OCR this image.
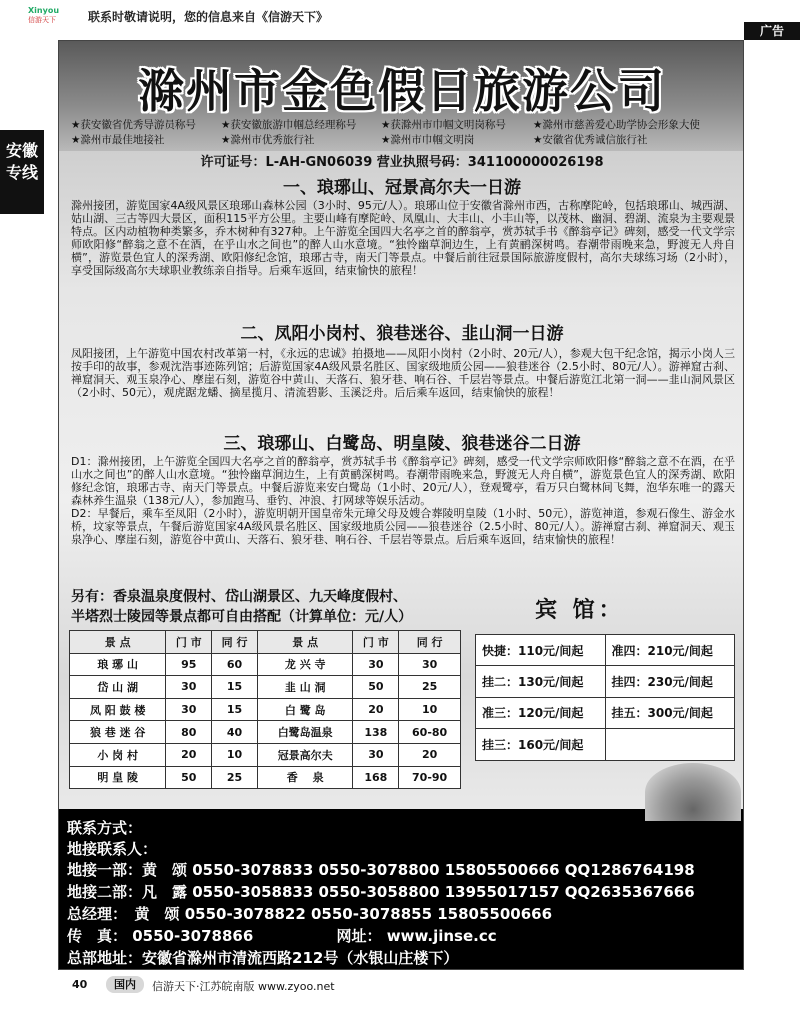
Xinyou
信游天下	联系时敬请说明，您的信息来自《信游天下》
广告
安徽专线
滁州市金色假日旅游公司
★获安徽省优秀导游员称号 ★获安徽旅游巾帼总经理称号 ★获滁州市巾帼文明岗称号	★滁州市慈善爱心助学协会形象大使
★滁州市最佳地接社	★滁州市优秀旅行社	★滁州市巾帼文明岗	★安徽省优秀诚信旅行社
许可证号：L-AH-GN06039 营业执照号码：341100000026198
一、琅琊山、冠景高尔夫一日游

滁州接团，游览国家4A级风景区琅琊山森林公园（3小时、95元/人）。琅琊山位于安徽省滁州市西，古称摩陀岭，包括琅琊山、城西湖、姑山湖、三古等四大景区，面积115平方公里。主要山峰有摩陀岭、凤凰山、大丰山、小丰山等，以茂林、幽洞、碧湖、流泉为主要观景特点。区内动植物种类繁多，乔木树种有327种。上午游览全国四大名亭之首的醉翁亭，赏苏轼手书《醉翁亭记》碑刻，感受一代文学宗师欧阳修“醉翁之意不在酒，在乎山水之间也”的醉人山水意境。“独怜幽草涧边生，上有黄鹂深树鸣。春潮带雨晚来急，野渡无人舟自横”，游览景色宜人的深秀湖、欧阳修纪念馆，琅琊古寺，南天门等景点。中餐后前往冠景国际旅游度假村，高尔夫球练习场（2小时），享受国际级高尔夫球职业教练亲自指导。后乘车返回，结束愉快的旅程！

二、凤阳小岗村、狼巷迷谷、韭山洞一日游

凤阳接团，上午游览中国农村改革第一村，《永远的忠诚》拍摄地——凤阳小岗村（2小时、20元/人），参观大包干纪念馆，揭示小岗人三按手印的故事，参观沈浩事迹陈列馆；后游览国家4A级风景名胜区、国家级地质公园——狼巷迷谷（2.5小时、80元/人）。游禅窟古刹、禅窟洞天、观玉泉净心、摩崖石刻，游览谷中黄山、天落石、狼牙巷、响石谷、千层岩等景点。中餐后游览江北第一洞——韭山洞风景区（2小时、50元），观虎踞龙蟠、摘星揽月、清流碧影、玉溪泛舟。后后乘车返回，结束愉快的旅程！

三、琅琊山、白鹭岛、明皇陵、狼巷迷谷二日游

D1：滁州接团，上午游览全国四大名亭之首的醉翁亭，赏苏轼手书《醉翁亭记》碑刻，感受一代文学宗师欧阳修“醉翁之意不在酒，在乎山水之间也”的醉人山水意境。“独怜幽草涧边生，上有黄鹂深树鸣。春潮带雨晚来急，野渡无人舟自横”，游览景色宜人的深秀湖、欧阳修纪念馆，琅琊古寺、南天门等景点。中餐后游览来安白鹭岛（1小时、20元/人），登观鹭亭，看万只白鹭林间飞舞，泡华东唯一的露天森林养生温泉（138元/人），参加跑马、垂钓、冲浪、打网球等娱乐活动。

D2：早餐后，乘车至凤阳（2小时），游览明朝开国皇帝朱元璋父母及嫂合葬陵明皇陵（1小时、50元），游览神道，参观石像生、游金水桥，坟家等景点，午餐后游览国家4A级风景名胜区、国家级地质公园——狼巷迷谷（2.5小时、80元/人）。游禅窟古刹、禅窟洞天、观玉泉净心、摩崖石刻，游览谷中黄山、天落石、狼牙巷、响石谷、千层岩等景点。后后乘车返回，结束愉快的旅程！

另有：香泉温泉度假村、岱山湖景区、九天峰度假村、
半塔烈士陵园等景点都可自由搭配（计算单位：元/人）	宾 馆：
景 点	门 市	同 行	景 点	门 市	同 行
琅 琊 山	95	60	龙 兴 寺	30	30
岱 山 湖	30	15	韭 山 洞	50	25
凤 阳 鼓 楼	30	15	白 鹭 岛	20	10
狼 巷 迷 谷	80	40	白鹭岛温泉	138	60-80
小 岗 村	20	10	冠景高尔夫	30	20
明 皇 陵	50	25	香 　泉	168	70-90
快捷：110元/间起	准四：210元/间起
挂二：130元/间起	挂四：230元/间起
准三：120元/间起	挂五：300元/间起
挂三：160元/间起	
联系方式：
地接联系人：
地接一部：黄　颂 0550-3078833 0550-3078800 15805500666 QQ1286764198
地接二部：凡　露 0550-3058833 0550-3058800 13955017157 QQ2635367666
总经理：　黄　颂 0550-3078822 0550-3078855 15805500666
传　真： 0550-3078866	网址： www.jinse.cc
总部地址：安徽省滁州市清流西路212号（水银山庄楼下）
40	国内	信游天下·江苏皖南版 www.zyoo.net
